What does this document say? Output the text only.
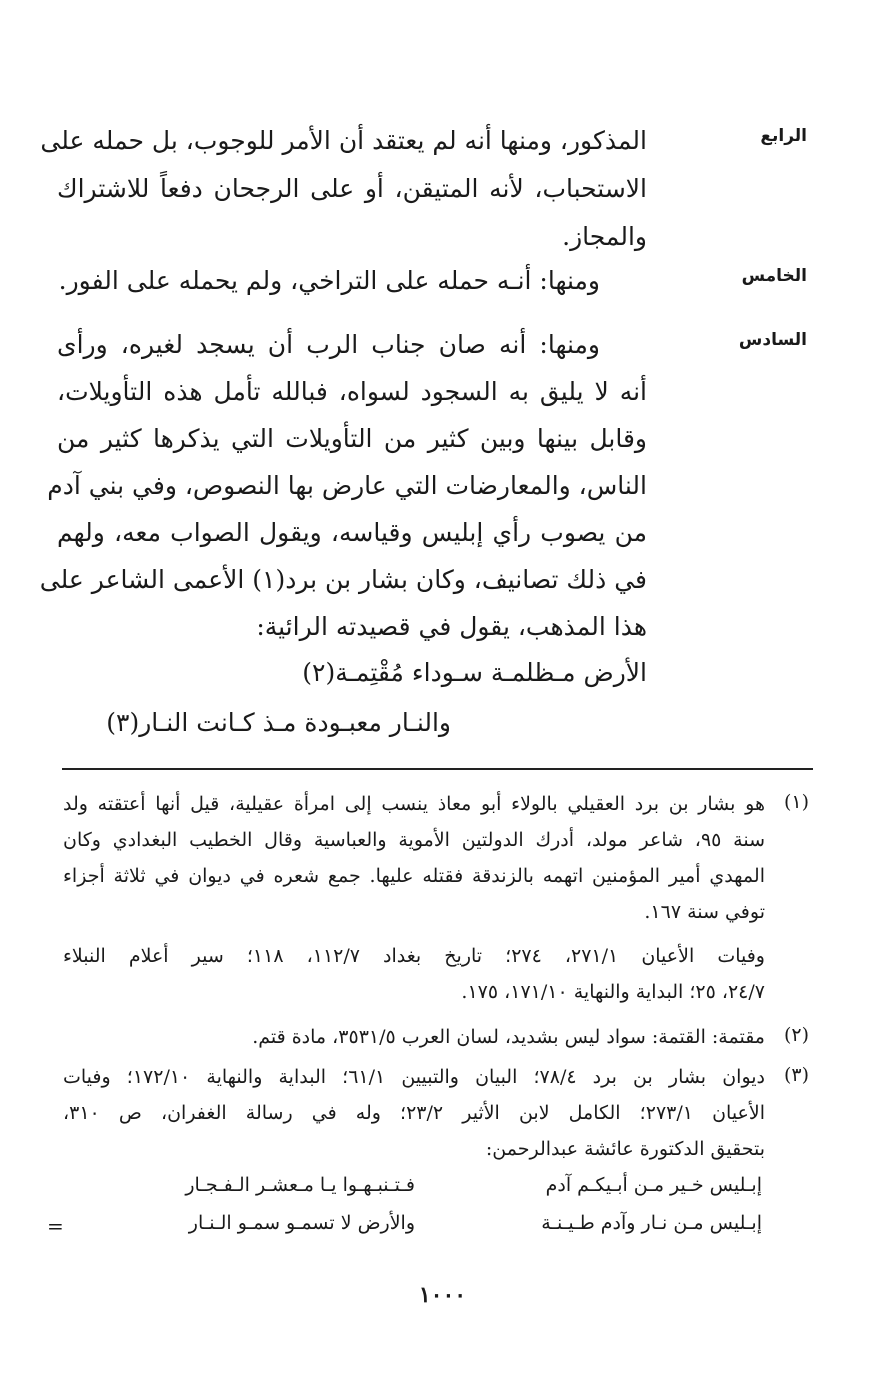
الرابع
المذكور، ومنها أنه لم يعتقد أن الأمر للوجوب، بل حمله على
الاستحباب، لأنه المتيقن، أو على الرجحان دفعاً للاشتراك
والمجاز.
الخامس
ومنها: أنـه حمله على التراخي، ولم يحمله على الفور.
السادس
ومنها: أنه صان جناب الرب أن يسجد لغيره، ورأى
أنه لا يليق به السجود لسواه، فبالله تأمل هذه التأويلات،
وقابل بينها وبين كثير من التأويلات التي يذكرها كثير من
الناس، والمعارضات التي عارض بها النصوص، وفي بني آدم
من يصوب رأي إبليس وقياسه، ويقول الصواب معه، ولهم
في ذلك تصانيف، وكان بشار بن برد(١) الأعمى الشاعر على
هذا المذهب، يقول في قصيدته الرائية:
الأرض مـظلمـة سـوداء مُقْتِمـة(٢)
والنـار معبـودة مـذ كـانت النـار(٣)
(١)
هو بشار بن برد العقيلي بالولاء أبو معاذ ينسب إلى امرأة عقيلية، قيل أنها أعتقته ولد
سنة ٩٥، شاعر مولد، أدرك الدولتين الأموية والعباسية وقال الخطيب البغدادي وكان
المهدي أمير المؤمنين اتهمه بالزندقة فقتله عليها. جمع شعره في ديوان في ثلاثة أجزاء
توفي سنة ١٦٧.
وفيات الأعيان ٢٧١/١، ٢٧٤؛ تاريخ بغداد ١١٢/٧، ١١٨؛ سير أعلام النبلاء
٢٤/٧، ٢٥؛ البداية والنهاية ١٧١/١٠، ١٧٥.
(٢)
مقتمة: القتمة: سواد ليس بشديد، لسان العرب ٣٥٣١/٥، مادة قتم.
(٣)
ديوان بشار بن برد ٧٨/٤؛ البيان والتبيين ٦١/١؛ البداية والنهاية ١٧٢/١٠؛ وفيات
الأعيان ٢٧٣/١؛ الكامل لابن الأثير ٢٣/٢؛ وله في رسالة الغفران، ص ٣١٠،
بتحقيق الدكتورة عائشة عبدالرحمن:
إبـليس خـير مـن أبـيكـم آدم
فـتـنبـهـوا يـا مـعشـر الـفـجـار
إبـليس مـن نـار وآدم طـيـنـة
والأرض لا تسمـو سمـو الـنـار
=
١٠٠٠
